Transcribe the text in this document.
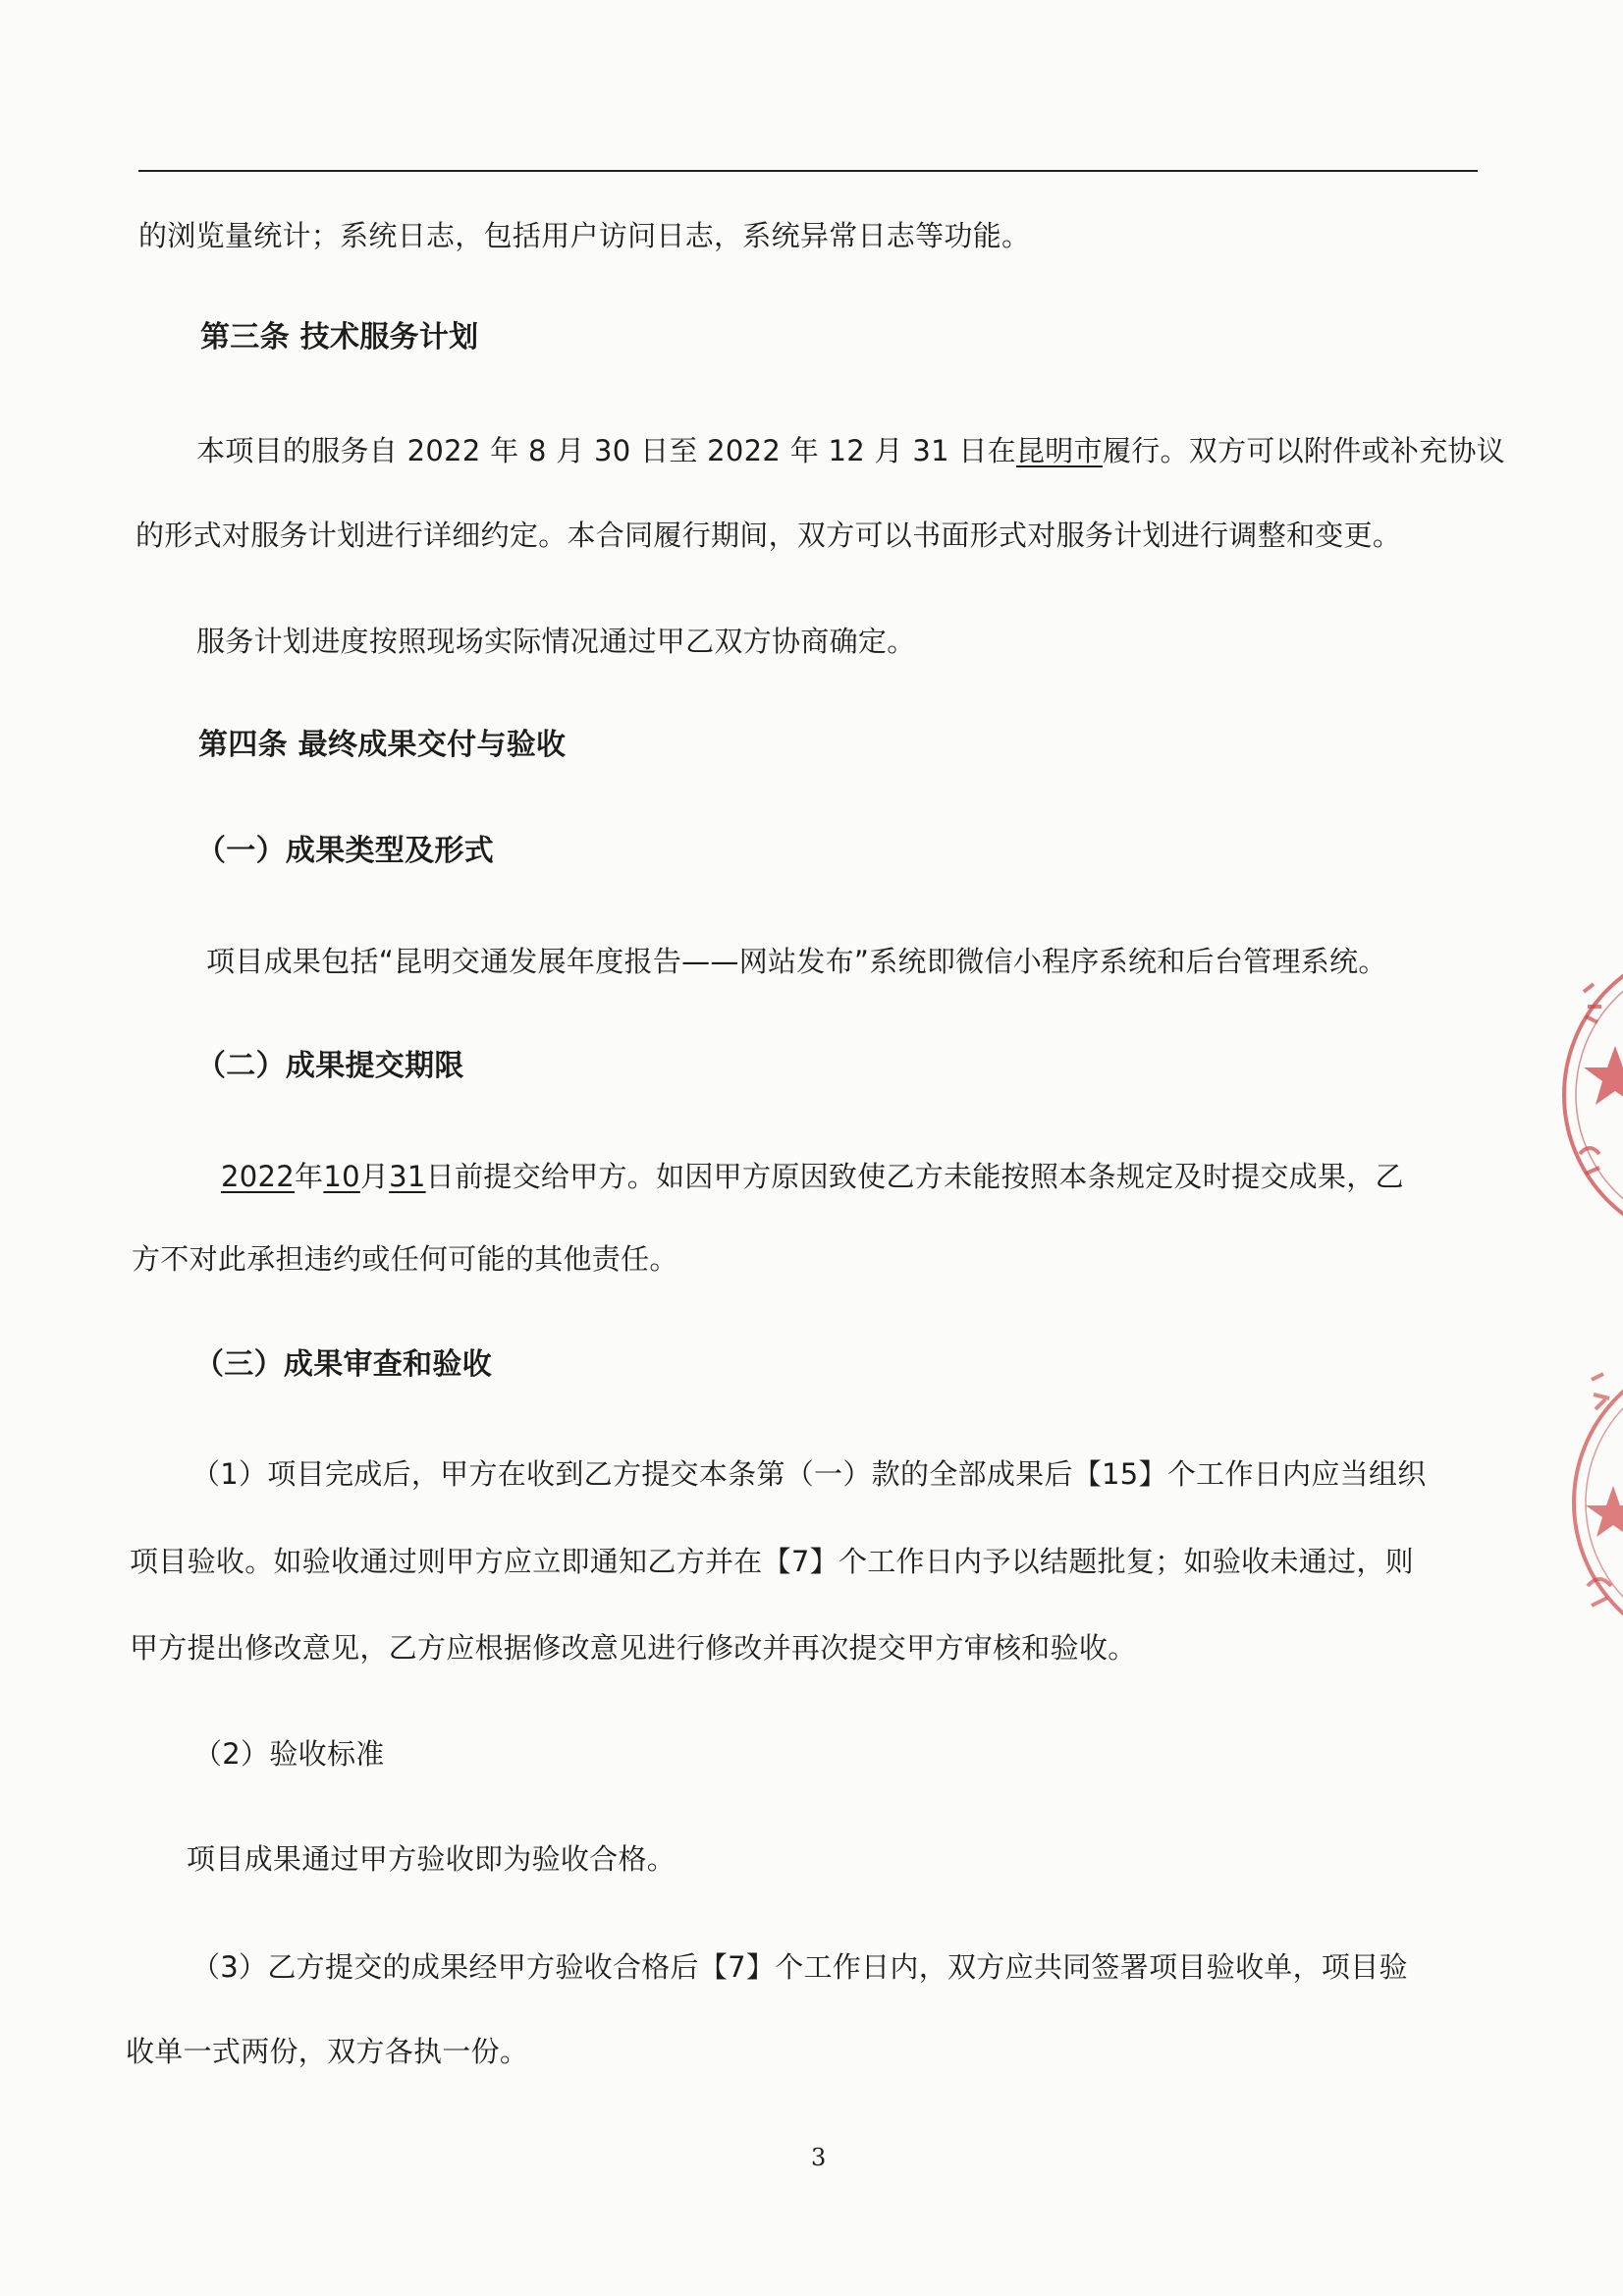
的浏览量统计；系统日志，包括用户访问日志，系统异常日志等功能。
第三条 技术服务计划
本项目的服务自 2022 年 8 月 30 日至 2022 年 12 月 31 日在昆明市履行。双方可以附件或补充协议
的形式对服务计划进行详细约定。本合同履行期间，双方可以书面形式对服务计划进行调整和变更。
服务计划进度按照现场实际情况通过甲乙双方协商确定。
第四条 最终成果交付与验收
（一）成果类型及形式
项目成果包括“昆明交通发展年度报告——网站发布”系统即微信小程序系统和后台管理系统。
（二）成果提交期限
2022年10月31日前提交给甲方。如因甲方原因致使乙方未能按照本条规定及时提交成果，乙
方不对此承担违约或任何可能的其他责任。
（三）成果审查和验收
（1）项目完成后，甲方在收到乙方提交本条第（一）款的全部成果后【15】个工作日内应当组织
项目验收。如验收通过则甲方应立即通知乙方并在【7】个工作日内予以结题批复；如验收未通过，则
甲方提出修改意见，乙方应根据修改意见进行修改并再次提交甲方审核和验收。
（2）验收标准
项目成果通过甲方验收即为验收合格。
（3）乙方提交的成果经甲方验收合格后【7】个工作日内，双方应共同签署项目验收单，项目验
收单一式两份，双方各执一份。
3
